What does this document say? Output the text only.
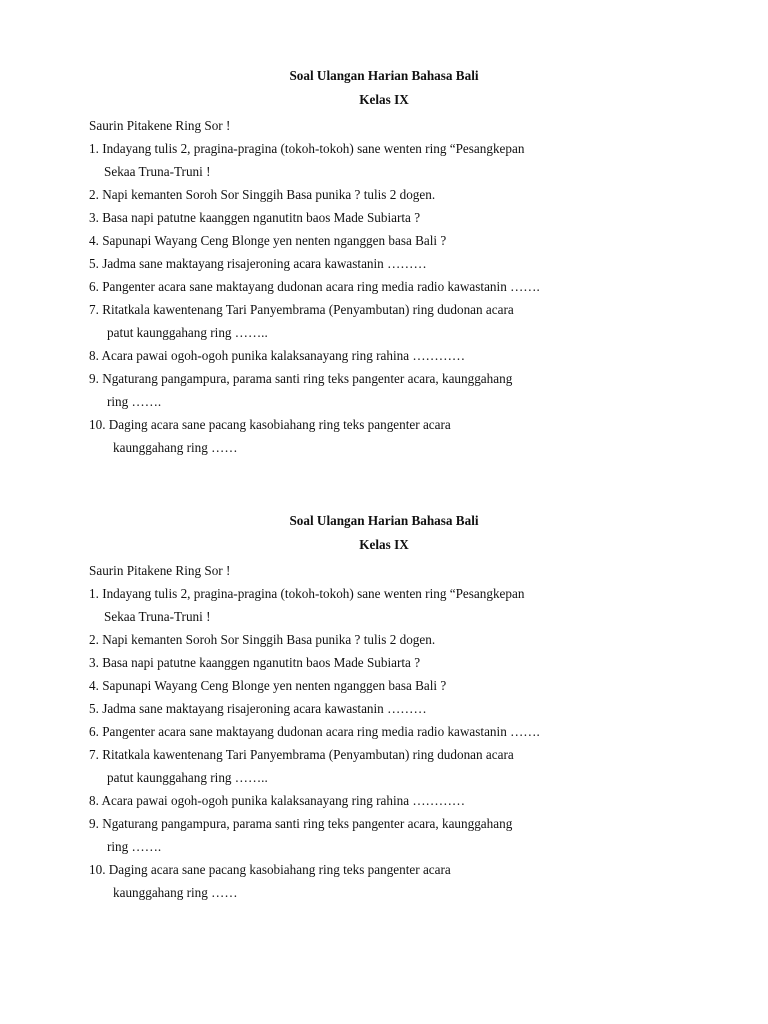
Soal Ulangan Harian Bahasa Bali
Kelas IX
Saurin Pitakene Ring Sor !
1. Indayang tulis 2, pragina-pragina (tokoh-tokoh) sane wenten ring “Pesangkepan
Sekaa Truna-Truni !
2. Napi kemanten Soroh Sor Singgih Basa punika ? tulis 2 dogen.
3. Basa napi patutne kaanggen nganutitn baos Made Subiarta ?
4. Sapunapi Wayang Ceng Blonge yen nenten nganggen basa Bali ?
5. Jadma sane maktayang risajeroning acara kawastanin ………
6. Pangenter acara sane maktayang dudonan acara ring media radio kawastanin …….
7. Ritatkala kawentenang Tari Panyembrama (Penyambutan) ring dudonan acara
patut kaunggahang ring ……..
8. Acara pawai ogoh-ogoh punika kalaksanayang ring rahina …………
9. Ngaturang pangampura, parama santi ring teks pangenter acara, kaunggahang
ring …….
10. Daging acara sane pacang kasobiahang ring teks pangenter acara
kaunggahang ring ……
Soal Ulangan Harian Bahasa Bali
Kelas IX
Saurin Pitakene Ring Sor !
1. Indayang tulis 2, pragina-pragina (tokoh-tokoh) sane wenten ring “Pesangkepan
Sekaa Truna-Truni !
2. Napi kemanten Soroh Sor Singgih Basa punika ? tulis 2 dogen.
3. Basa napi patutne kaanggen nganutitn baos Made Subiarta ?
4. Sapunapi Wayang Ceng Blonge yen nenten nganggen basa Bali ?
5. Jadma sane maktayang risajeroning acara kawastanin ………
6. Pangenter acara sane maktayang dudonan acara ring media radio kawastanin …….
7. Ritatkala kawentenang Tari Panyembrama (Penyambutan) ring dudonan acara
patut kaunggahang ring ……..
8. Acara pawai ogoh-ogoh punika kalaksanayang ring rahina …………
9. Ngaturang pangampura, parama santi ring teks pangenter acara, kaunggahang
ring …….
10. Daging acara sane pacang kasobiahang ring teks pangenter acara
kaunggahang ring ……
